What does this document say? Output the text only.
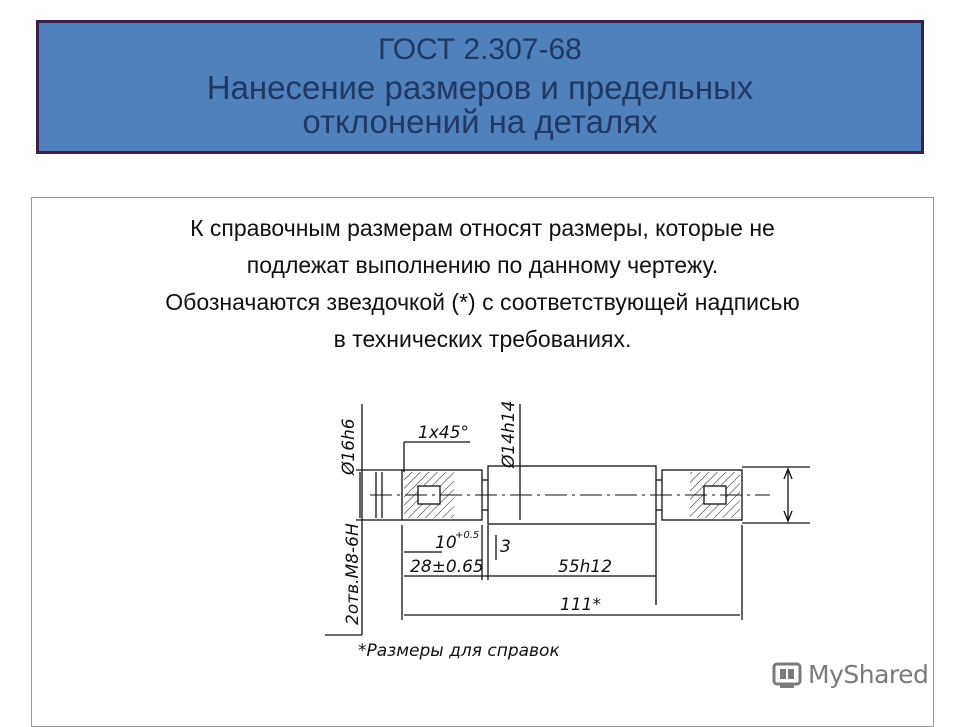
ГОСТ 2.307-68
Нанесение размеров и предельных
отклонений на деталях
К справочным размерам относят размеры, которые не
подлежат выполнению по данному чертежу.
Обозначаются звездочкой (*) с соответствующей надписью
в технических требованиях.
Ø16h6	1x45° Ø14h14
2отв.M8-6H	10
+0.5
3
28±0.65	55h12
111*
*Размеры для справок
MyShared
